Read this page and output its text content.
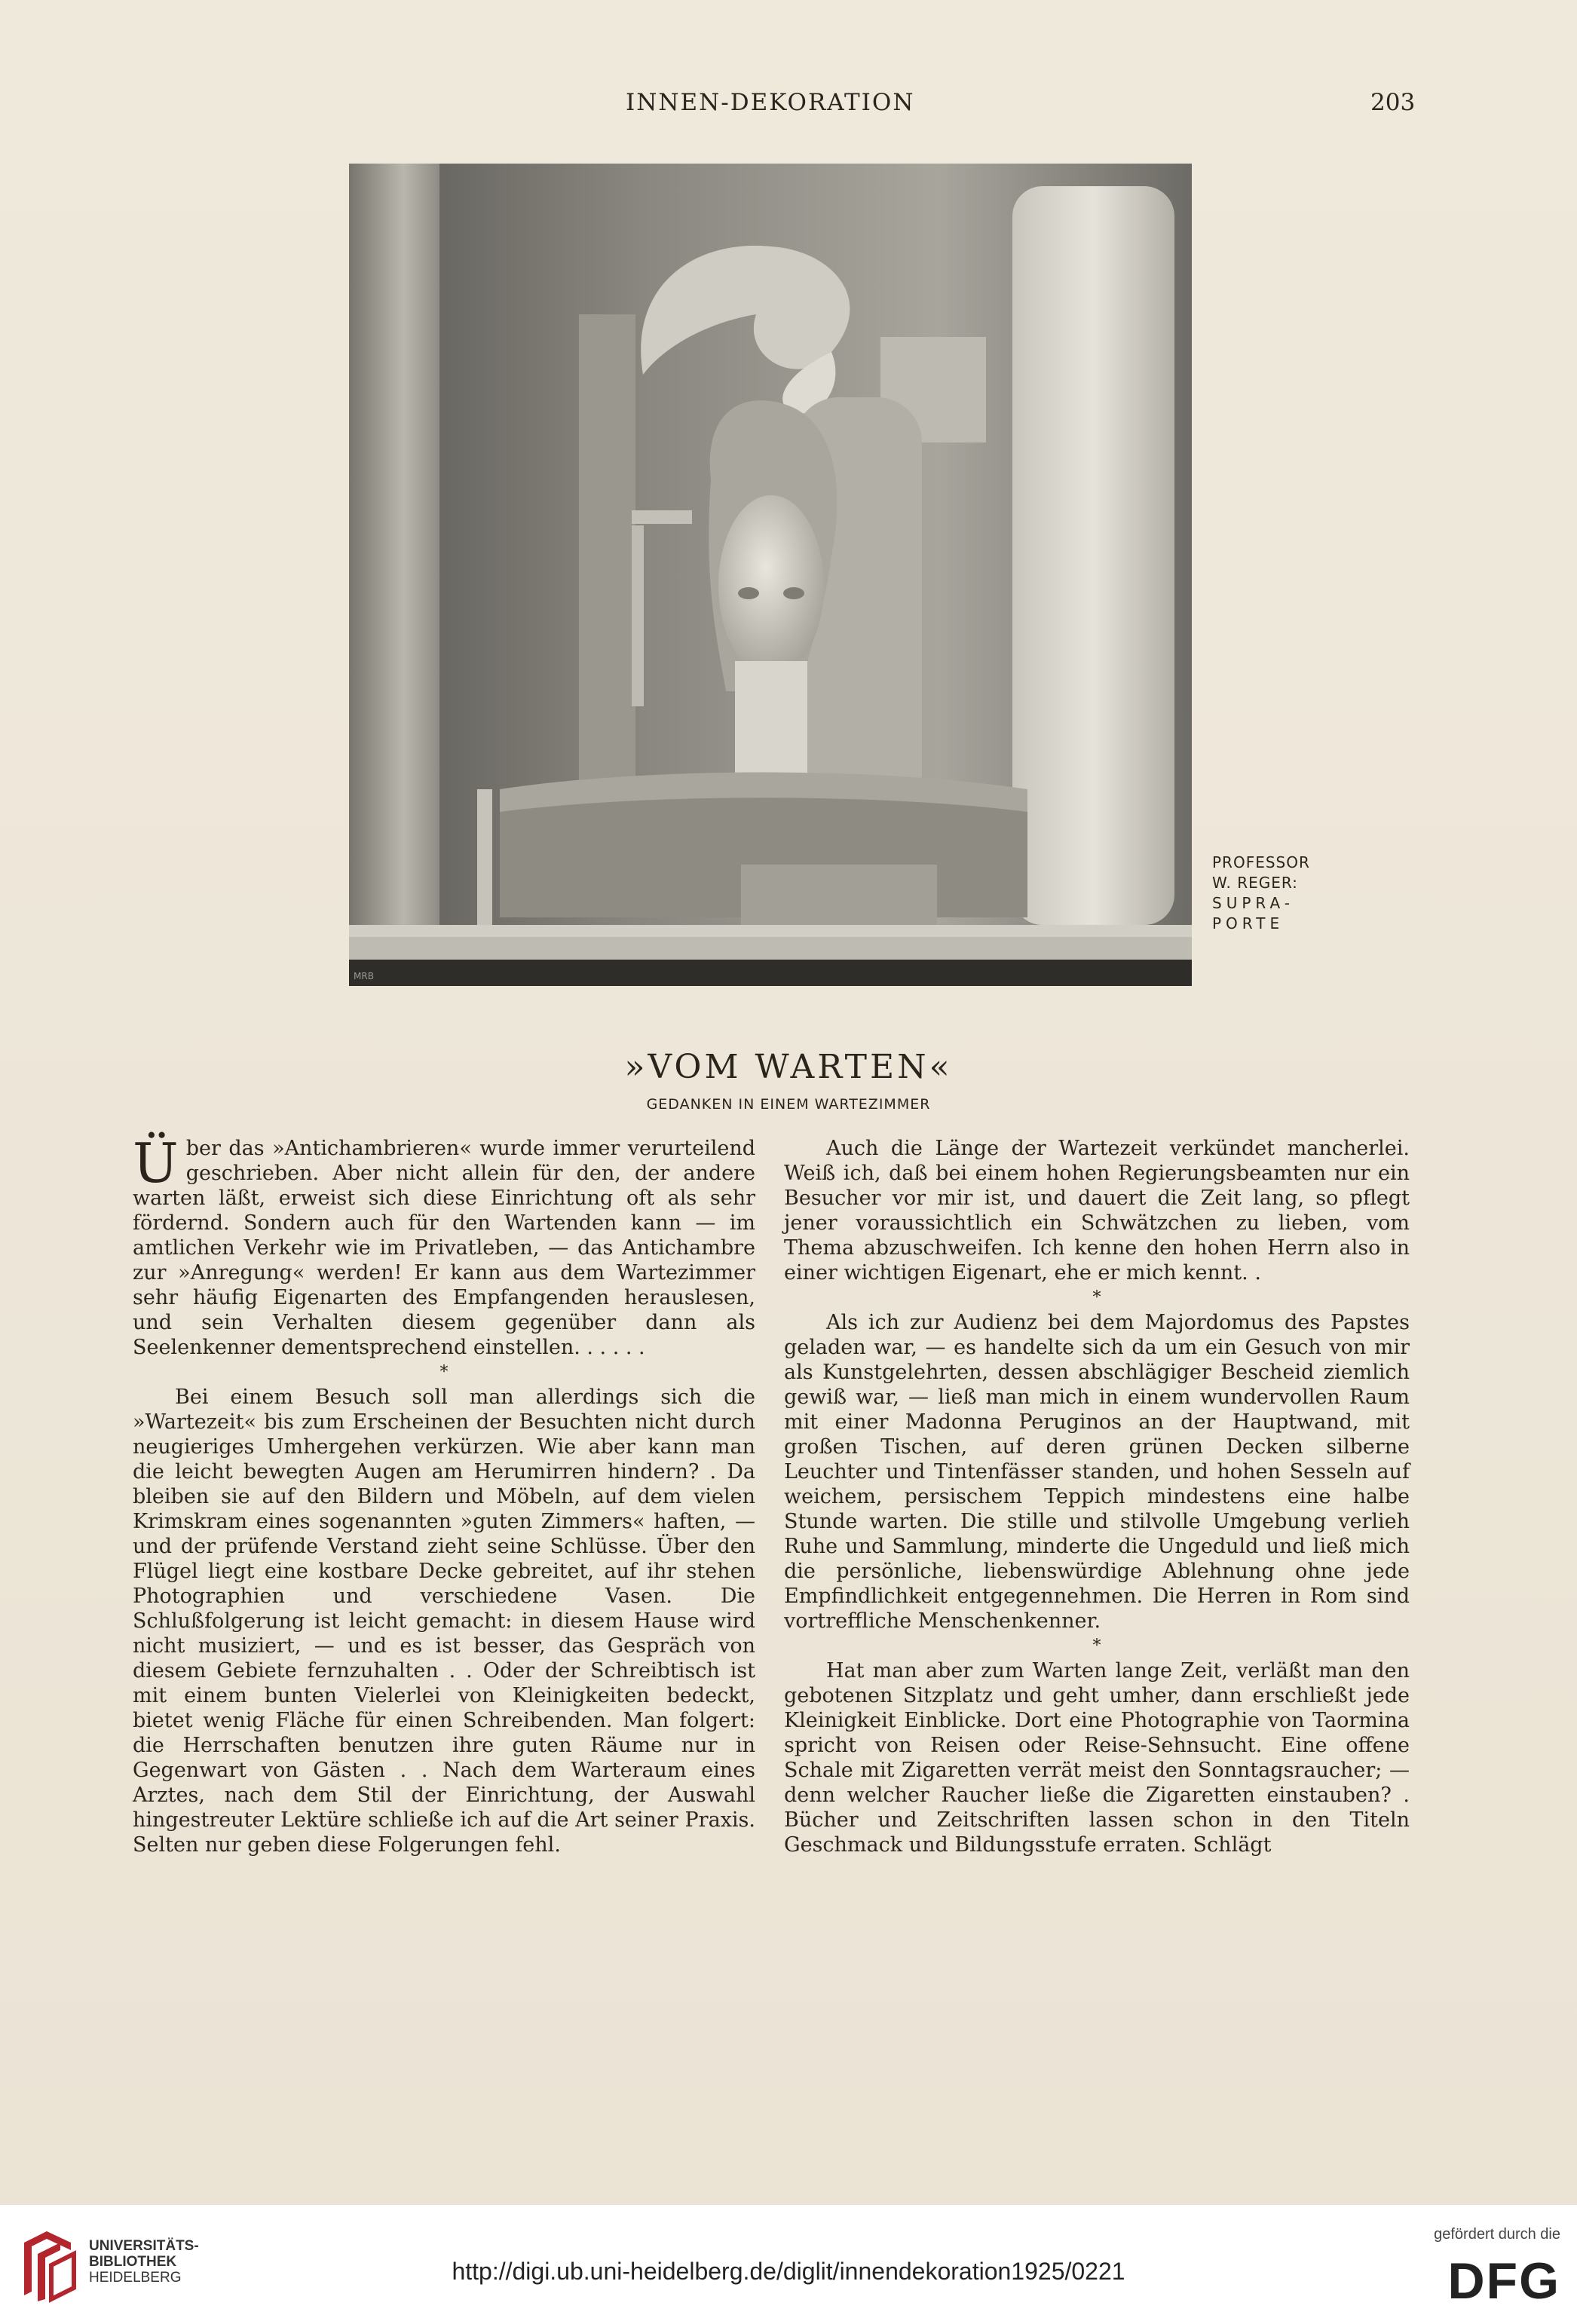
INNEN-DEKORATION	203
MRB
PROFESSOR
W. REGER:
SUPRA-
PORTE
»VOM WARTEN«
GEDANKEN IN EINEM WARTEZIMMER

Über das »Antichambrieren« wurde immer verurteilend geschrieben. Aber nicht allein für den, der andere warten läßt, erweist sich diese Einrichtung oft als sehr fördernd. Sondern auch für den Wartenden kann — im amtlichen Verkehr wie im Privatleben, — das Antichambre zur »Anregung« werden! Er kann aus dem Wartezimmer sehr häufig Eigenarten des Empfangenden herauslesen, und sein Verhalten diesem gegenüber dann als Seelenkenner dementsprechend einstellen. . . . . .

*

Bei einem Besuch soll man allerdings sich die »Wartezeit« bis zum Erscheinen der Besuchten nicht durch neugieriges Umhergehen verkürzen. Wie aber kann man die leicht bewegten Augen am Herumirren hindern? . Da bleiben sie auf den Bildern und Möbeln, auf dem vielen Krimskram eines sogenannten »guten Zimmers« haften, — und der prüfende Verstand zieht seine Schlüsse. Über den Flügel liegt eine kostbare Decke gebreitet, auf ihr stehen Photographien und verschiedene Vasen. Die Schlußfolgerung ist leicht gemacht: in diesem Hause wird nicht musiziert, — und es ist besser, das Gespräch von diesem Gebiete fernzuhalten . . Oder der Schreibtisch ist mit einem bunten Vielerlei von Kleinigkeiten bedeckt, bietet wenig Fläche für einen Schreibenden. Man folgert: die Herrschaften benutzen ihre guten Räume nur in Gegenwart von Gästen . . Nach dem Warteraum eines Arztes, nach dem Stil der Einrichtung, der Auswahl hingestreuter Lektüre schließe ich auf die Art seiner Praxis. Selten nur geben diese Folgerungen fehl.

Auch die Länge der Wartezeit verkündet mancherlei. Weiß ich, daß bei einem hohen Regierungsbeamten nur ein Besucher vor mir ist, und dauert die Zeit lang, so pflegt jener voraussichtlich ein Schwätzchen zu lieben, vom Thema abzuschweifen. Ich kenne den hohen Herrn also in einer wichtigen Eigenart, ehe er mich kennt. .

*

Als ich zur Audienz bei dem Majordomus des Papstes geladen war, — es handelte sich da um ein Gesuch von mir als Kunstgelehrten, dessen abschlägiger Bescheid ziemlich gewiß war, — ließ man mich in einem wundervollen Raum mit einer Madonna Peruginos an der Hauptwand, mit großen Tischen, auf deren grünen Decken silberne Leuchter und Tintenfässer standen, und hohen Sesseln auf weichem, persischem Teppich mindestens eine halbe Stunde warten. Die stille und stilvolle Umgebung verlieh Ruhe und Sammlung, minderte die Ungeduld und ließ mich die persönliche, liebenswürdige Ablehnung ohne jede Empfindlichkeit entgegennehmen. Die Herren in Rom sind vortreffliche Menschenkenner.

*

Hat man aber zum Warten lange Zeit, verläßt man den gebotenen Sitzplatz und geht umher, dann erschließt jede Kleinigkeit Einblicke. Dort eine Photographie von Taormina spricht von Reisen oder Reise-Sehnsucht. Eine offene Schale mit Zigaretten verrät meist den Sonntagsraucher; — denn welcher Raucher ließe die Zigaretten einstauben? . Bücher und Zeitschriften lassen schon in den Titeln Geschmack und Bildungsstufe erraten. Schlägt

UNIVERSITÄTS-
BIBLIOTHEK
HEIDELBERG	http://digi.ub.uni-heidelberg.de/diglit/innendekoration1925/0221
gefördert durch die
DFG
